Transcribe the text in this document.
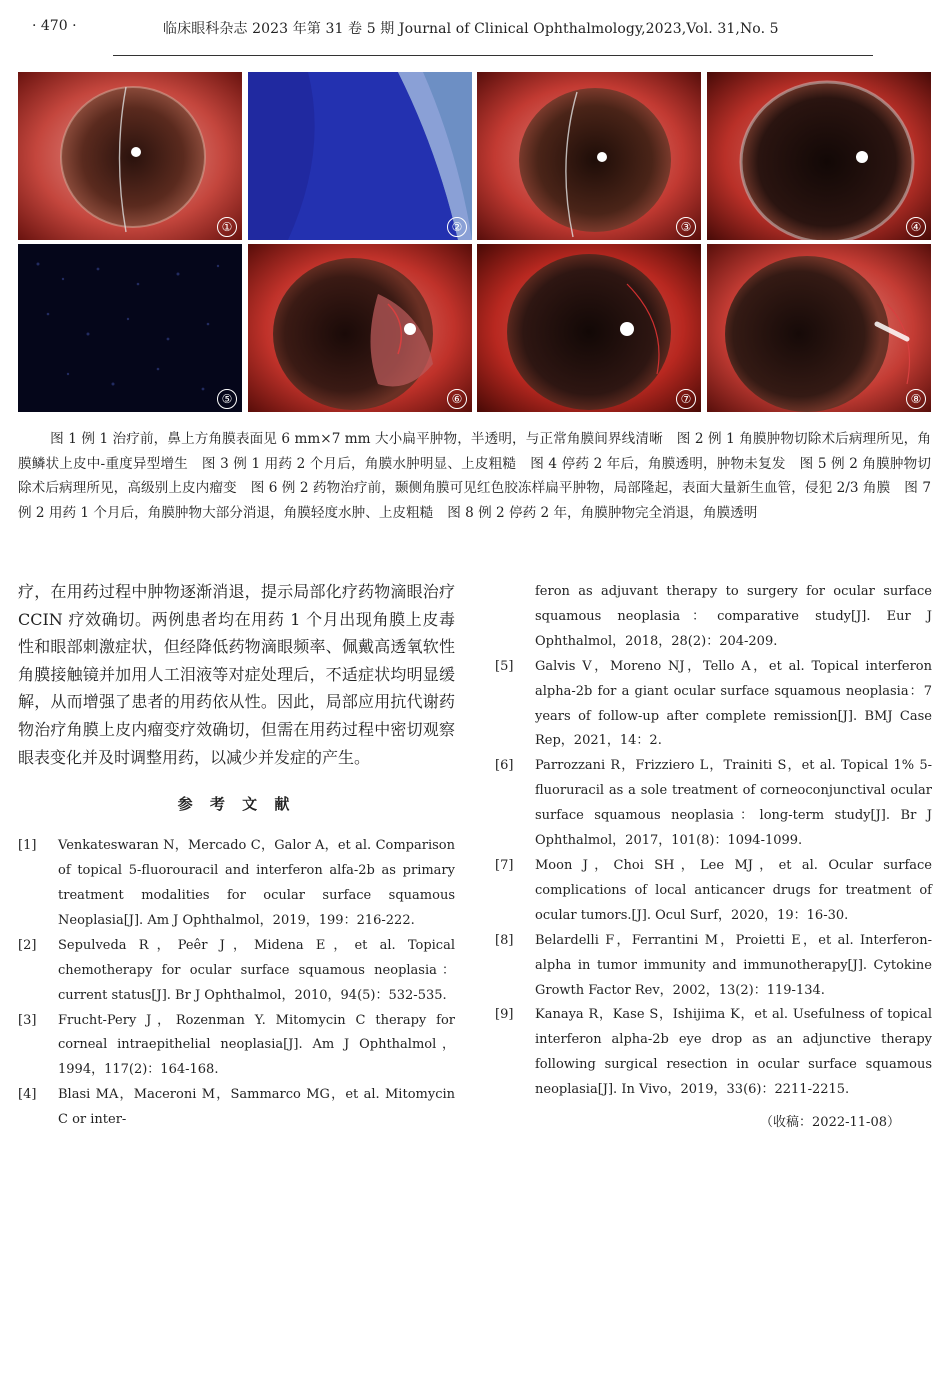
· 470 ·	临床眼科杂志 2023 年第 31 卷 5 期 Journal of Clinical Ophthalmology,2023,Vol. 31,No. 5
①	②	③	④
⑤	⑥	⑦	⑧
图 1 例 1 治疗前，鼻上方角膜表面见 6 mm×7 mm 大小扁平肿物，半透明，与正常角膜间界线清晰 图 2 例 1 角膜肿物切除术后病理所见，角膜鳞状上皮中-重度异型增生 图 3 例 1 用药 2 个月后，角膜水肿明显、上皮粗糙 图 4 停药 2 年后，角膜透明，肿物未复发 图 5 例 2 角膜肿物切除术后病理所见，高级别上皮内瘤变 图 6 例 2 药物治疗前，颞侧角膜可见红色胶冻样扁平肿物，局部隆起，表面大量新生血管，侵犯 2/3 角膜 图 7 例 2 用药 1 个月后，角膜肿物大部分消退，角膜轻度水肿、上皮粗糙 图 8 例 2 停药 2 年，角膜肿物完全消退，角膜透明

疗，在用药过程中肿物逐渐消退，提示局部化疗药物滴眼治疗 CCIN 疗效确切。两例患者均在用药 1 个月出现角膜上皮毒性和眼部刺激症状，但经降低药物滴眼频率、佩戴高透氧软性角膜接触镜并加用人工泪液等对症处理后，不适症状均明显缓解，从而增强了患者的用药依从性。因此，局部应用抗代谢药物治疗角膜上皮内瘤变疗效确切，但需在用药过程中密切观察眼表变化并及时调整用药，以减少并发症的产生。

参 考 文 献
[1] Venkateswaran N，Mercado C，Galor A，et al. Comparison of topical 5-fluorouracil and interferon alfa-2b as primary treatment modalities for ocular surface squamous Neoplasia[J]. Am J Ophthalmol，2019，199：216-222.
[2] Sepulveda R，Peêr J，Midena E，et al. Topical chemotherapy for ocular surface squamous neoplasia：current status[J]. Br J Ophthalmol，2010，94(5)：532-535.
[3] Frucht-Pery J，Rozenman Y. Mitomycin C therapy for corneal intraepithelial neoplasia[J]. Am J Ophthalmol，1994，117(2)：164-168.
[4] Blasi MA，Maceroni M，Sammarco MG，et al. Mitomycin C or inter-
feron as adjuvant therapy to surgery for ocular surface squamous neoplasia：comparative study[J]. Eur J Ophthalmol，2018，28(2)：204-209.
[5] Galvis V，Moreno NJ，Tello A，et al. Topical interferon alpha-2b for a giant ocular surface squamous neoplasia：7 years of follow-up after complete remission[J]. BMJ Case Rep，2021，14：2.
[6] Parrozzani R，Frizziero L，Trainiti S，et al. Topical 1% 5-fluoruracil as a sole treatment of corneoconjunctival ocular surface squamous neoplasia：long-term study[J]. Br J Ophthalmol，2017，101(8)：1094-1099.
[7] Moon J，Choi SH，Lee MJ，et al. Ocular surface complications of local anticancer drugs for treatment of ocular tumors.[J]. Ocul Surf，2020，19：16-30.
[8] Belardelli F，Ferrantini M，Proietti E，et al. Interferon-alpha in tumor immunity and immunotherapy[J]. Cytokine Growth Factor Rev，2002，13(2)：119-134.
[9] Kanaya R，Kase S，Ishijima K，et al. Usefulness of topical interferon alpha-2b eye drop as an adjunctive therapy following surgical resection in ocular surface squamous neoplasia[J]. In Vivo，2019，33(6)：2211-2215.
（收稿：2022-11-08）
